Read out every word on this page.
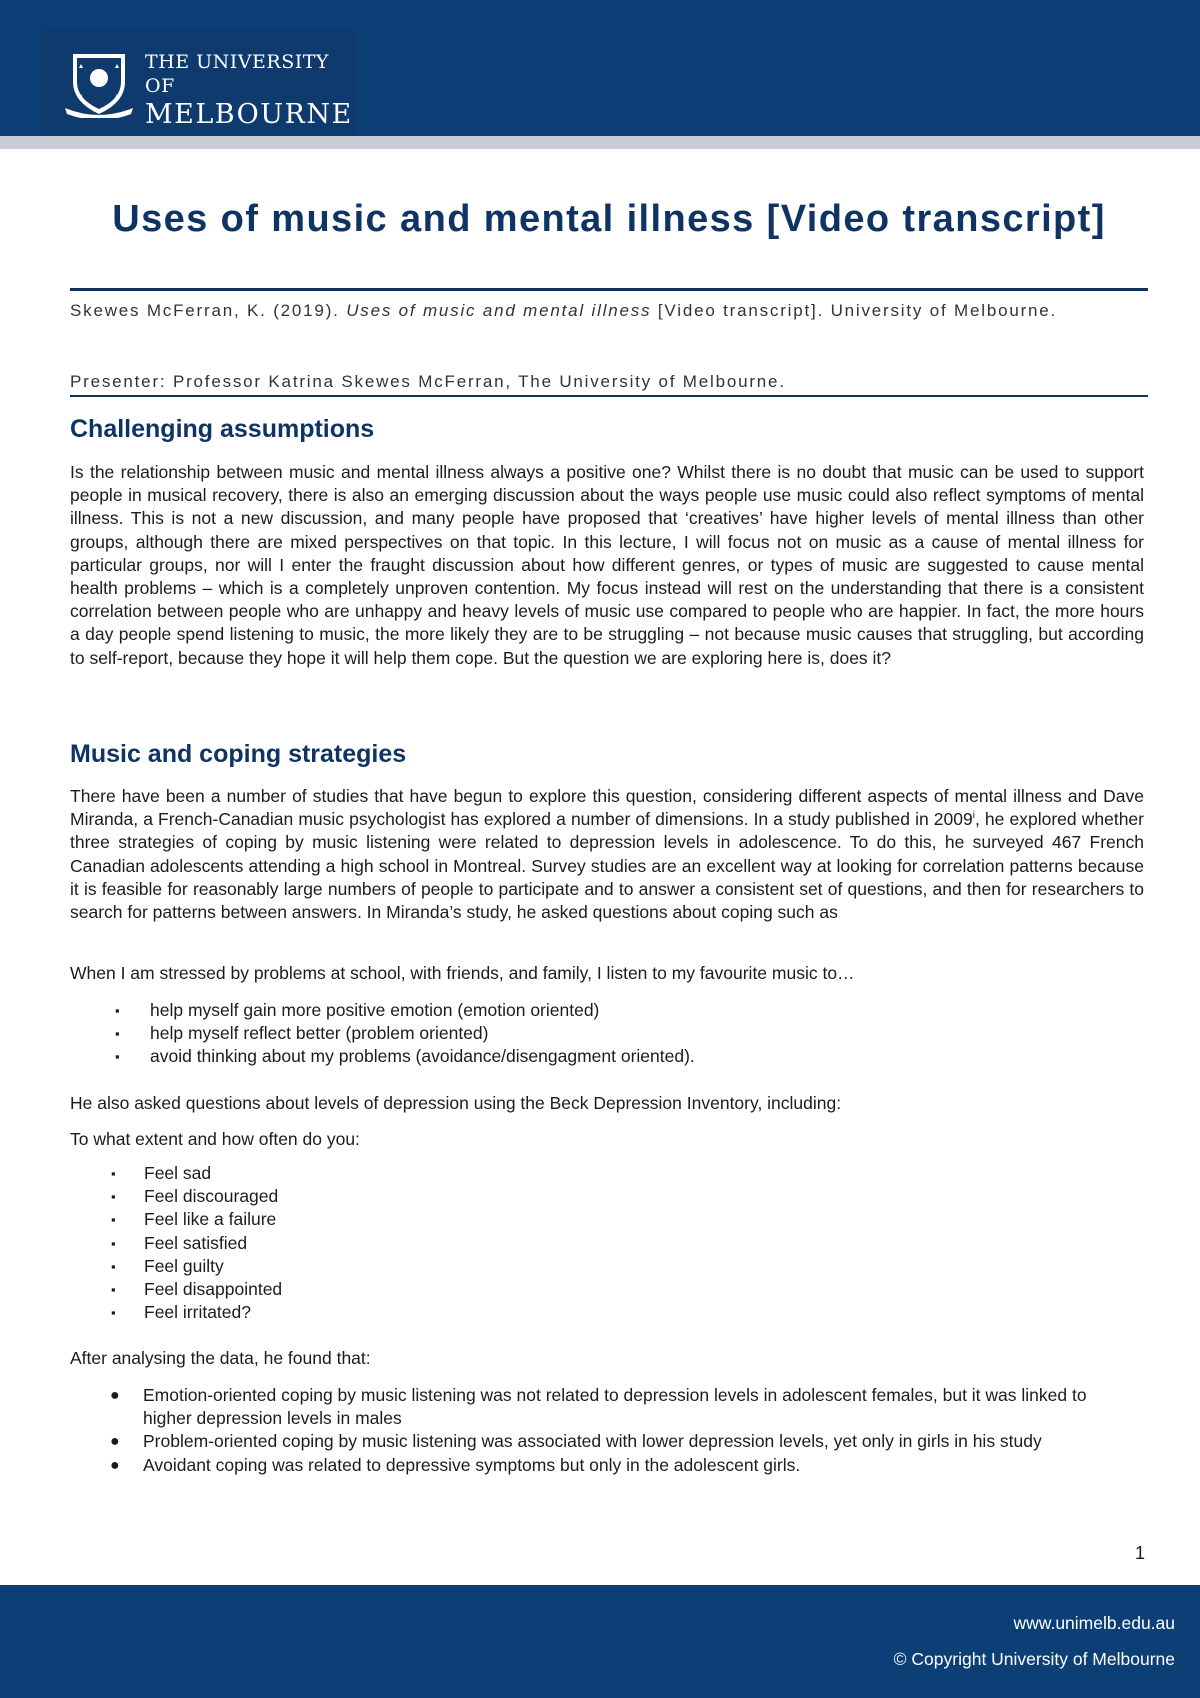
THE UNIVERSITY OF
MELBOURNE
Uses of music and mental illness [Video transcript]
Skewes McFerran, K. (2019). Uses of music and mental illness [Video transcript]. University of Melbourne.
Presenter: Professor Katrina Skewes McFerran, The University of Melbourne.
Challenging assumptions
Is the relationship between music and mental illness always a positive one? Whilst there is no doubt that music can be used to support people in musical recovery, there is also an emerging discussion about the ways people use music could also reflect symptoms of mental illness. This is not a new discussion, and many people have proposed that ‘creatives’ have higher levels of mental illness than other groups, although there are mixed perspectives on that topic. In this lecture, I will focus not on music as a cause of mental illness for particular groups, nor will I enter the fraught discussion about how different genres, or types of music are suggested to cause mental health problems – which is a completely unproven contention. My focus instead will rest on the understanding that there is a consistent correlation between people who are unhappy and heavy levels of music use compared to people who are happier. In fact, the more hours a day people spend listening to music, the more likely they are to be struggling – not because music causes that struggling, but according to self-report, because they hope it will help them cope. But the question we are exploring here is, does it?
Music and coping strategies
There have been a number of studies that have begun to explore this question, considering different aspects of mental illness and Dave Miranda, a French-Canadian music psychologist has explored a number of dimensions. In a study published in 2009$^i$, he explored whether three strategies of coping by music listening were related to depression levels in adolescence. To do this, he surveyed 467 French Canadian adolescents attending a high school in Montreal. Survey studies are an excellent way at looking for correlation patterns because it is feasible for reasonably large numbers of people to participate and to answer a consistent set of questions, and then for researchers to search for patterns between answers. In Miranda’s study, he asked questions about coping such as
When I am stressed by problems at school, with friends, and family, I listen to my favourite music to…
▪ help myself gain more positive emotion (emotion oriented)
▪ help myself reflect better (problem oriented)
▪ avoid thinking about my problems (avoidance/disengagment oriented).
He also asked questions about levels of depression using the Beck Depression Inventory, including:
To what extent and how often do you:
▪ Feel sad
▪ Feel discouraged
▪ Feel like a failure
▪ Feel satisfied
▪ Feel guilty
▪ Feel disappointed
▪ Feel irritated?
After analysing the data, he found that:
● Emotion-oriented coping by music listening was not related to depression levels in adolescent females, but it was linked to higher depression levels in males
● Problem-oriented coping by music listening was associated with lower depression levels, yet only in girls in his study
● Avoidant coping was related to depressive symptoms but only in the adolescent girls.
1
www.unimelb.edu.au
© Copyright University of Melbourne
